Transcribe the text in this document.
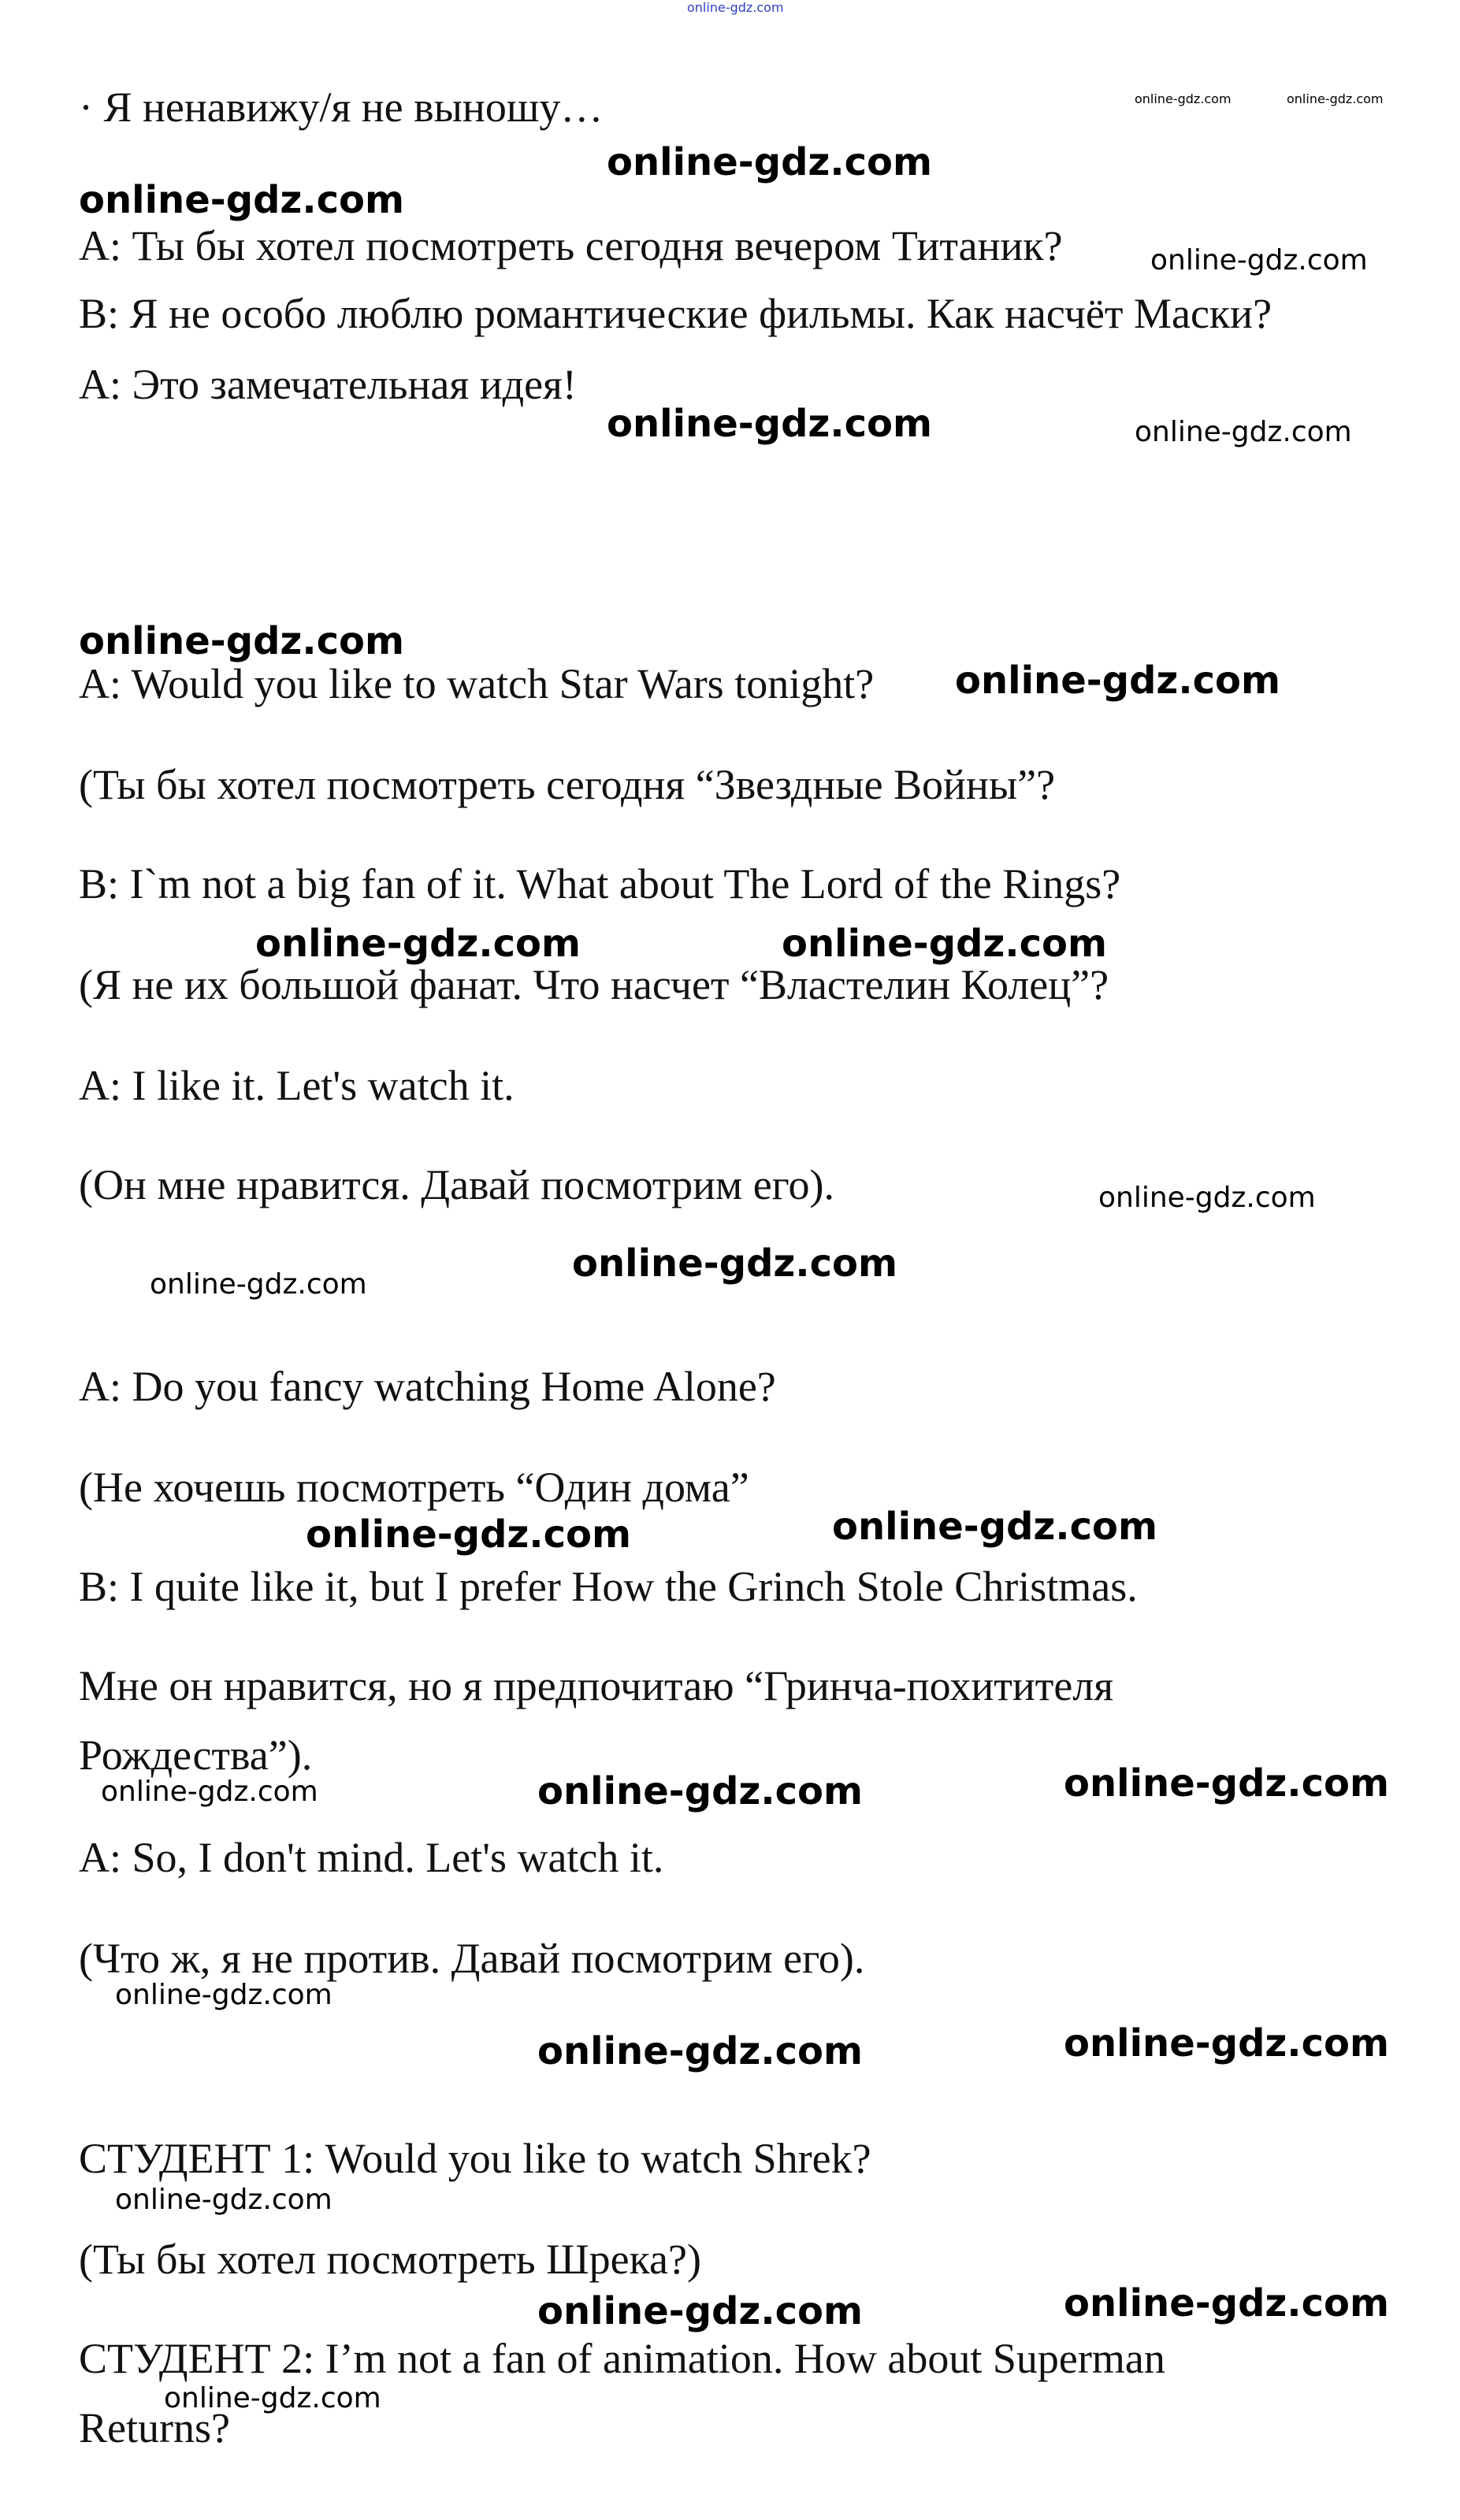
online-gdz.com
· Я ненавижу/я не выношу…
A: Ты бы хотел посмотреть сегодня вечером Титаник?
B: Я не особо люблю романтические фильмы. Как насчёт Маски?
A: Это замечательная идея!
A: Would you like to watch Star Wars tonight?
(Ты бы хотел посмотреть сегодня “Звездные Войны”?
B: I`m not a big fan of it. What about The Lord of the Rings?
(Я не их большой фанат. Что насчет “Властелин Колец”?
A: I like it. Let's watch it.
(Он мне нравится. Давай посмотрим его).
A: Do you fancy watching Home Alone?
(Не хочешь посмотреть “Один дома”
B: I quite like it, but I prefer How the Grinch Stole Christmas.
Мне он нравится, но я предпочитаю “Гринча-похитителя
Рождества”).
A: So, I don't mind. Let's watch it.
(Что ж, я не против. Давай посмотрим его).
СТУДЕНТ 1: Would you like to watch Shrek?
(Ты бы хотел посмотреть Шрека?)
СТУДЕНТ 2: I’m not a fan of animation. How about Superman
Returns?
online-gdz.com	online-gdz.com
online-gdz.com
online-gdz.com
online-gdz.com
online-gdz.com	online-gdz.com
online-gdz.com
online-gdz.com
online-gdz.com	online-gdz.com
online-gdz.com
online-gdz.com
online-gdz.com
online-gdz.com
online-gdz.com
online-gdz.com
online-gdz.com	online-gdz.com
online-gdz.com
online-gdz.com	online-gdz.com
online-gdz.com
online-gdz.com	online-gdz.com
online-gdz.com
